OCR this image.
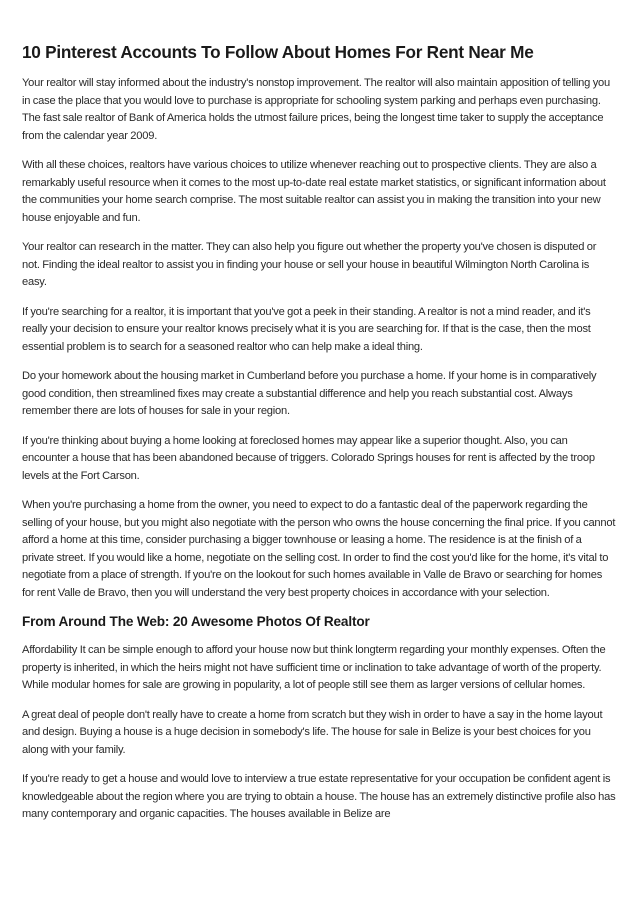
10 Pinterest Accounts To Follow About Homes For Rent Near Me

Your realtor will stay informed about the industry's nonstop improvement. The realtor will also maintain apposition of telling you in case the place that you would love to purchase is appropriate for schooling system parking and perhaps even purchasing. The fast sale realtor of Bank of America holds the utmost failure prices, being the longest time taker to supply the acceptance from the calendar year 2009.

With all these choices, realtors have various choices to utilize whenever reaching out to prospective clients. They are also a remarkably useful resource when it comes to the most up-to-date real estate market statistics, or significant information about the communities your home search comprise. The most suitable realtor can assist you in making the transition into your new house enjoyable and fun.

Your realtor can research in the matter. They can also help you figure out whether the property you've chosen is disputed or not. Finding the ideal realtor to assist you in finding your house or sell your house in beautiful Wilmington North Carolina is easy.

If you're searching for a realtor, it is important that you've got a peek in their standing. A realtor is not a mind reader, and it's really your decision to ensure your realtor knows precisely what it is you are searching for. If that is the case, then the most essential problem is to search for a seasoned realtor who can help make a ideal thing.

Do your homework about the housing market in Cumberland before you purchase a home. If your home is in comparatively good condition, then streamlined fixes may create a substantial difference and help you reach substantial cost. Always remember there are lots of houses for sale in your region.

If you're thinking about buying a home looking at foreclosed homes may appear like a superior thought. Also, you can encounter a house that has been abandoned because of triggers. Colorado Springs houses for rent is affected by the troop levels at the Fort Carson.

When you're purchasing a home from the owner, you need to expect to do a fantastic deal of the paperwork regarding the selling of your house, but you might also negotiate with the person who owns the house concerning the final price. If you cannot afford a home at this time, consider purchasing a bigger townhouse or leasing a home. The residence is at the finish of a private street. If you would like a home, negotiate on the selling cost. In order to find the cost you'd like for the home, it's vital to negotiate from a place of strength. If you're on the lookout for such homes available in Valle de Bravo or searching for homes for rent Valle de Bravo, then you will understand the very best property choices in accordance with your selection.

From Around The Web: 20 Awesome Photos Of Realtor

Affordability It can be simple enough to afford your house now but think longterm regarding your monthly expenses. Often the property is inherited, in which the heirs might not have sufficient time or inclination to take advantage of worth of the property. While modular homes for sale are growing in popularity, a lot of people still see them as larger versions of cellular homes.

A great deal of people don't really have to create a home from scratch but they wish in order to have a say in the home layout and design. Buying a house is a huge decision in somebody's life. The house for sale in Belize is your best choices for you along with your family.

If you're ready to get a house and would love to interview a true estate representative for your occupation be confident agent is knowledgeable about the region where you are trying to obtain a house. The house has an extremely distinctive profile also has many contemporary and organic capacities. The houses available in Belize are
